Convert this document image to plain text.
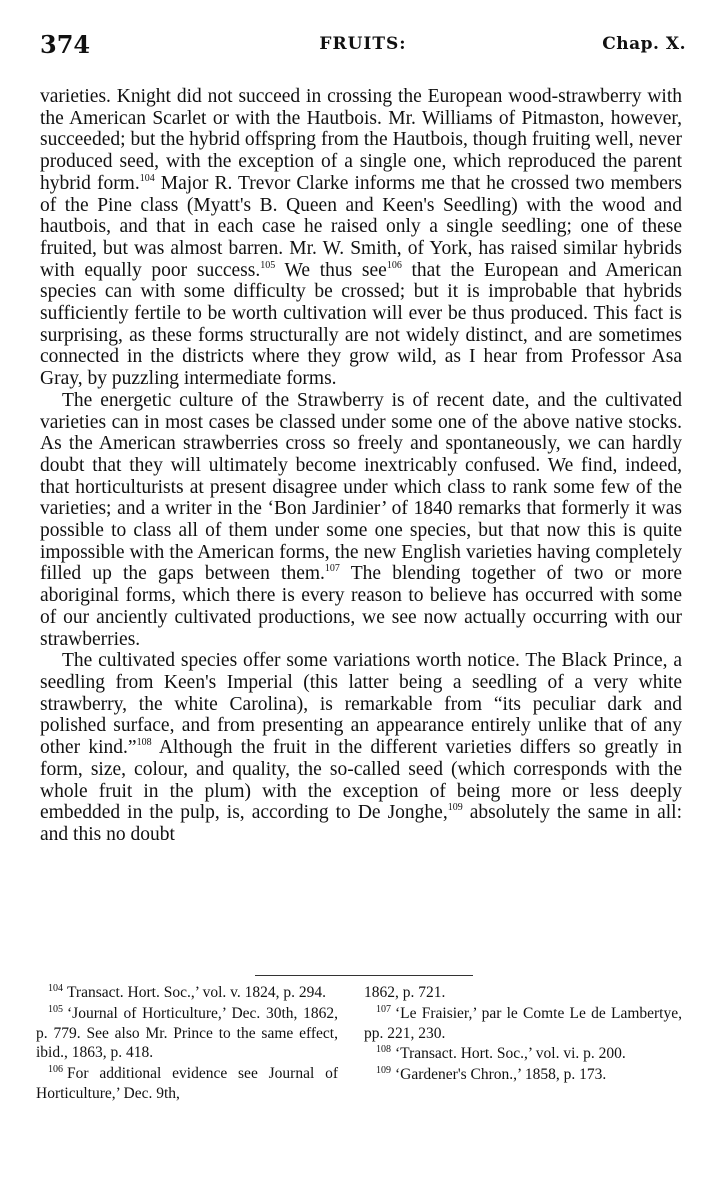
374	FRUITS:	Chap. X.

varieties. Knight did not succeed in crossing the European wood-strawberry with the American Scarlet or with the Hautbois. Mr. Williams of Pitmaston, however, succeeded; but the hybrid offspring from the Hautbois, though fruiting well, never produced seed, with the exception of a single one, which reproduced the parent hybrid form.$^{104}$ Major R. Trevor Clarke informs me that he crossed two members of the Pine class (Myatt's B. Queen and Keen's Seedling) with the wood and hautbois, and that in each case he raised only a single seedling; one of these fruited, but was almost barren. Mr. W. Smith, of York, has raised similar hybrids with equally poor success.$^{105}$ We thus see$^{106}$ that the European and American species can with some difficulty be crossed; but it is improbable that hybrids sufficiently fertile to be worth cultivation will ever be thus produced. This fact is surprising, as these forms structurally are not widely distinct, and are sometimes connected in the districts where they grow wild, as I hear from Professor Asa Gray, by puzzling intermediate forms.

The energetic culture of the Strawberry is of recent date, and the cultivated varieties can in most cases be classed under some one of the above native stocks. As the American strawberries cross so freely and spontaneously, we can hardly doubt that they will ultimately become inextricably confused. We find, indeed, that horticulturists at present disagree under which class to rank some few of the varieties; and a writer in the ‘Bon Jardinier’ of 1840 remarks that formerly it was possible to class all of them under some one species, but that now this is quite impossible with the American forms, the new English varieties having completely filled up the gaps between them.$^{107}$ The blending together of two or more aboriginal forms, which there is every reason to believe has occurred with some of our anciently cultivated productions, we see now actually occurring with our strawberries.

The cultivated species offer some variations worth notice. The Black Prince, a seedling from Keen's Imperial (this latter being a seedling of a very white strawberry, the white Carolina), is remarkable from “its peculiar dark and polished surface, and from presenting an appearance entirely unlike that of any other kind.”$^{108}$ Although the fruit in the different varieties differs so greatly in form, size, colour, and quality, the so-called seed (which corresponds with the whole fruit in the plum) with the exception of being more or less deeply embedded in the pulp, is, according to De Jonghe,$^{109}$ absolutely the same in all: and this no doubt

$^{104}$ Transact. Hort. Soc.,’ vol. v. 1824, p. 294.

$^{105}$ ‘Journal of Horticulture,’ Dec. 30th, 1862, p. 779. See also Mr. Prince to the same effect, ibid., 1863, p. 418.

$^{106}$ For additional evidence see Journal of Horticulture,’ Dec. 9th,

1862, p. 721.

$^{107}$ ‘Le Fraisier,’ par le Comte Le de Lambertye, pp. 221, 230.

$^{108}$ ‘Transact. Hort. Soc.,’ vol. vi. p. 200.

$^{109}$ ‘Gardener's Chron.,’ 1858, p. 173.
